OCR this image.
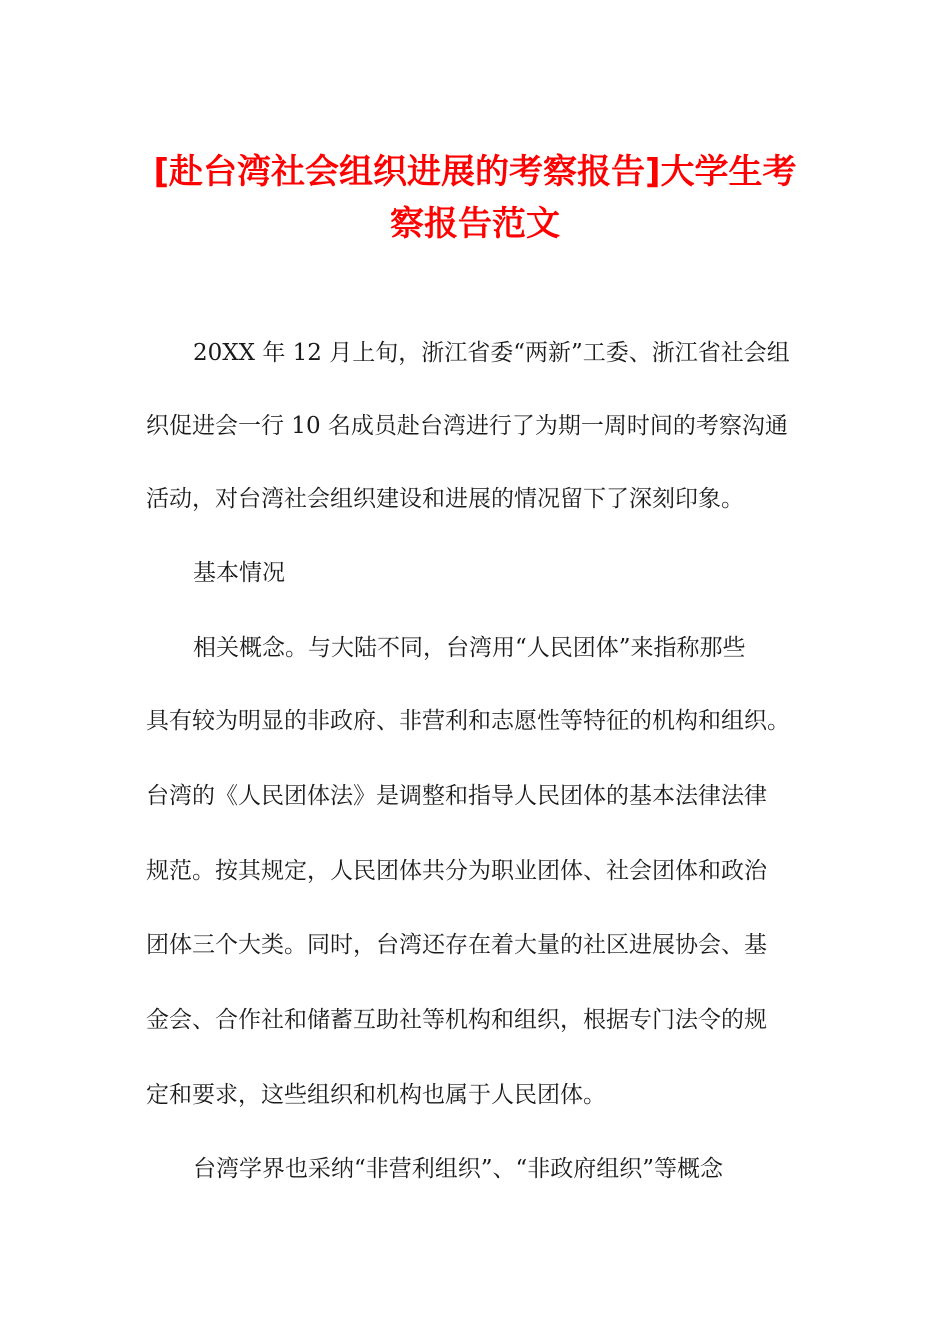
[赴台湾社会组织进展的考察报告]大学生考
察报告范文

20XX 年 12 月上旬，浙江省委“两新”工委、浙江省社会组

织促进会一行 10 名成员赴台湾进行了为期一周时间的考察沟通

活动，对台湾社会组织建设和进展的情况留下了深刻印象。

基本情况

相关概念。与大陆不同，台湾用“人民团体”来指称那些

具有较为明显的非政府、非营利和志愿性等特征的机构和组织。

台湾的《人民团体法》是调整和指导人民团体的基本法律法律

规范。按其规定，人民团体共分为职业团体、社会团体和政治

团体三个大类。同时，台湾还存在着大量的社区进展协会、基

金会、合作社和储蓄互助社等机构和组织，根据专门法令的规

定和要求，这些组织和机构也属于人民团体。

台湾学界也采纳“非营利组织”、“非政府组织”等概念
